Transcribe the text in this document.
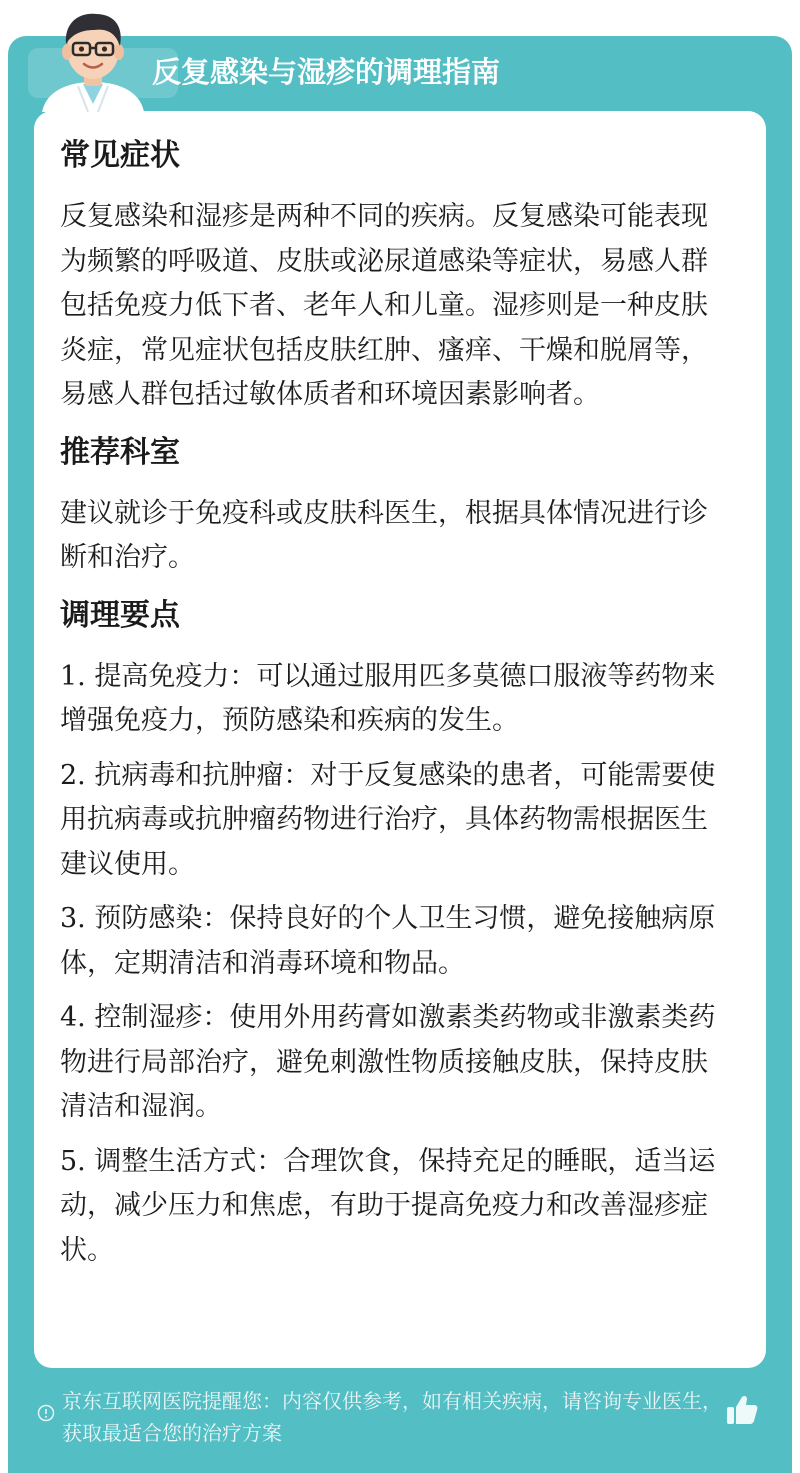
反复感染与湿疹的调理指南
常见症状

反复感染和湿疹是两种不同的疾病。反复感染可能表现为频繁的呼吸道、皮肤或泌尿道感染等症状，易感人群包括免疫力低下者、老年人和儿童。湿疹则是一种皮肤炎症，常见症状包括皮肤红肿、瘙痒、干燥和脱屑等，易感人群包括过敏体质者和环境因素影响者。

推荐科室

建议就诊于免疫科或皮肤科医生，根据具体情况进行诊断和治疗。

调理要点

1. 提高免疫力：可以通过服用匹多莫德口服液等药物来增强免疫力，预防感染和疾病的发生。

2. 抗病毒和抗肿瘤：对于反复感染的患者，可能需要使用抗病毒或抗肿瘤药物进行治疗，具体药物需根据医生建议使用。

3. 预防感染：保持良好的个人卫生习惯，避免接触病原体，定期清洁和消毒环境和物品。

4. 控制湿疹：使用外用药膏如激素类药物或非激素类药物进行局部治疗，避免刺激性物质接触皮肤，保持皮肤清洁和湿润。

5. 调整生活方式：合理饮食，保持充足的睡眠，适当运动，减少压力和焦虑，有助于提高免疫力和改善湿疹症状。

京东互联网医院提醒您：内容仅供参考，如有相关疾病，请咨询专业医生，获取最适合您的治疗方案
